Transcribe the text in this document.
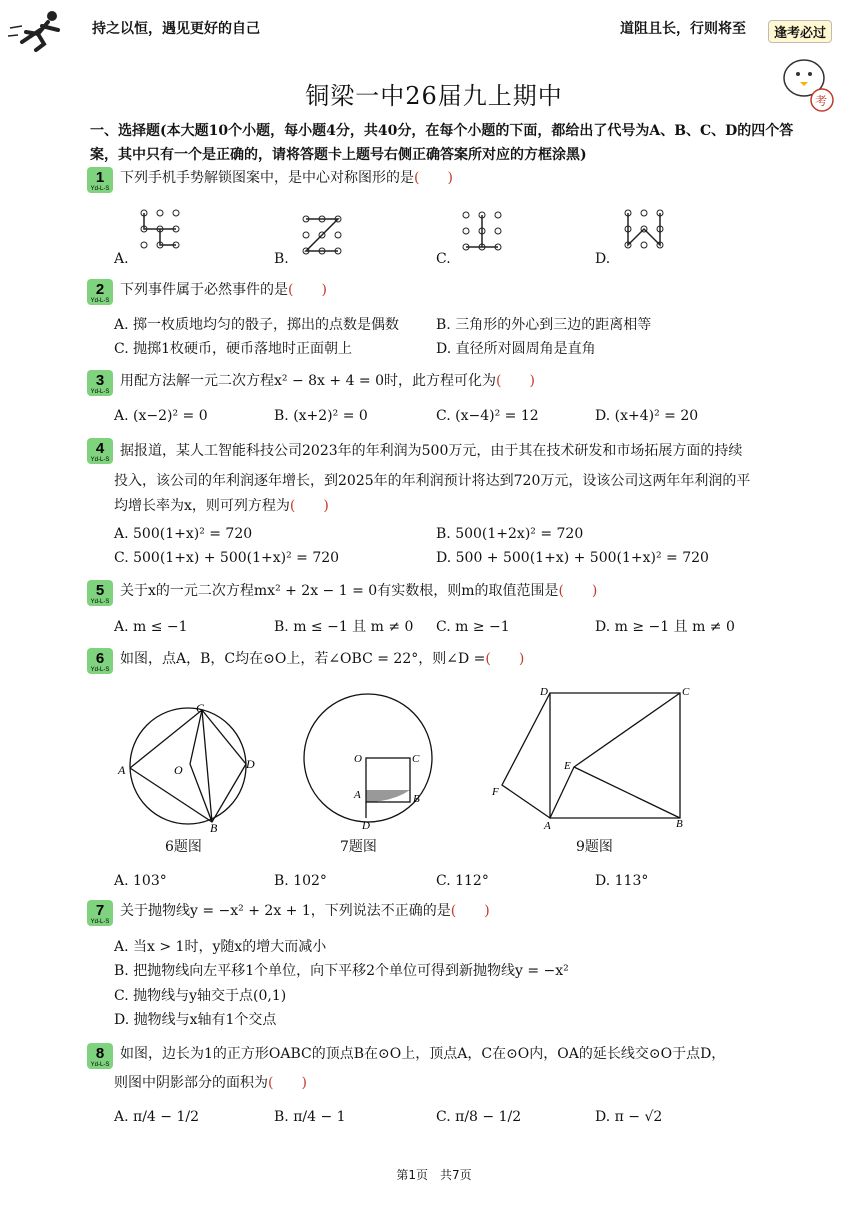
持之以恒，遇见更好的自己	道阻且长，行则将至	逢考必过
考
铜梁一中26届九上期中
一、选择题(本大题10个小题，每小题4分，共40分，在每个小题的下面，都给出了代号为A、B、C、D的四个答案，其中只有一个是正确的，请将答题卡上题号右侧正确答案所对应的方框涂黑)
1
Yd-L-S
下列手机手势解锁图案中，是中心对称图形的是(　　)
A.	B.	C.	D.
2
Yd-L-S
下列事件属于必然事件的是(　　)
A. 掷一枚质地均匀的骰子，掷出的点数是偶数	B. 三角形的外心到三边的距离相等
C. 抛掷1枚硬币，硬币落地时正面朝上	D. 直径所对圆周角是直角
3
Yd-L-S
用配方法解一元二次方程x² − 8x + 4 = 0时，此方程可化为(　　)
A. (x−2)² = 0	B. (x+2)² = 0	C. (x−4)² = 12	D. (x+4)² = 20
4
Yd-L-S
据报道，某人工智能科技公司2023年的年利润为500万元，由于其在技术研发和市场拓展方面的持续
投入，该公司的年利润逐年增长，到2025年的年利润预计将达到720万元，设该公司这两年年利润的平
均增长率为x，则可列方程为(　　)
A. 500(1+x)² = 720	B. 500(1+2x)² = 720
C. 500(1+x) + 500(1+x)² = 720	D. 500 + 500(1+x) + 500(1+x)² = 720
5
Yd-L-S
关于x的一元二次方程mx² + 2x − 1 = 0有实数根，则m的取值范围是(　　)
A. m ≤ −1	B. m ≤ −1 且 m ≠ 0 C. m ≥ −1	D. m ≥ −1 且 m ≠ 0
6
Yd-L-S
如图，点A，B，C均在⊙O上，若∠OBC = 22°，则∠D =(　　)
A
C
D
B
O
6题图
O	C
A	B
D
7题图
D	C
E
F
A	B
9题图
A. 103°	B. 102°	C. 112°	D. 113°
7
Yd-L-S
关于抛物线y = −x² + 2x + 1，下列说法不正确的是(　　)
A. 当x > 1时，y随x的增大而减小
B. 把抛物线向左平移1个单位，向下平移2个单位可得到新抛物线y = −x²
C. 抛物线与y轴交于点(0,1)
D. 抛物线与x轴有1个交点
8
Yd-L-S
如图，边长为1的正方形OABC的顶点B在⊙O上，顶点A，C在⊙O内，OA的延长线交⊙O于点D，
则图中阴影部分的面积为(　　)
A. π/4 − 1/2	B. π/4 − 1	C. π/8 − 1/2	D. π − √2
第1页　共7页
